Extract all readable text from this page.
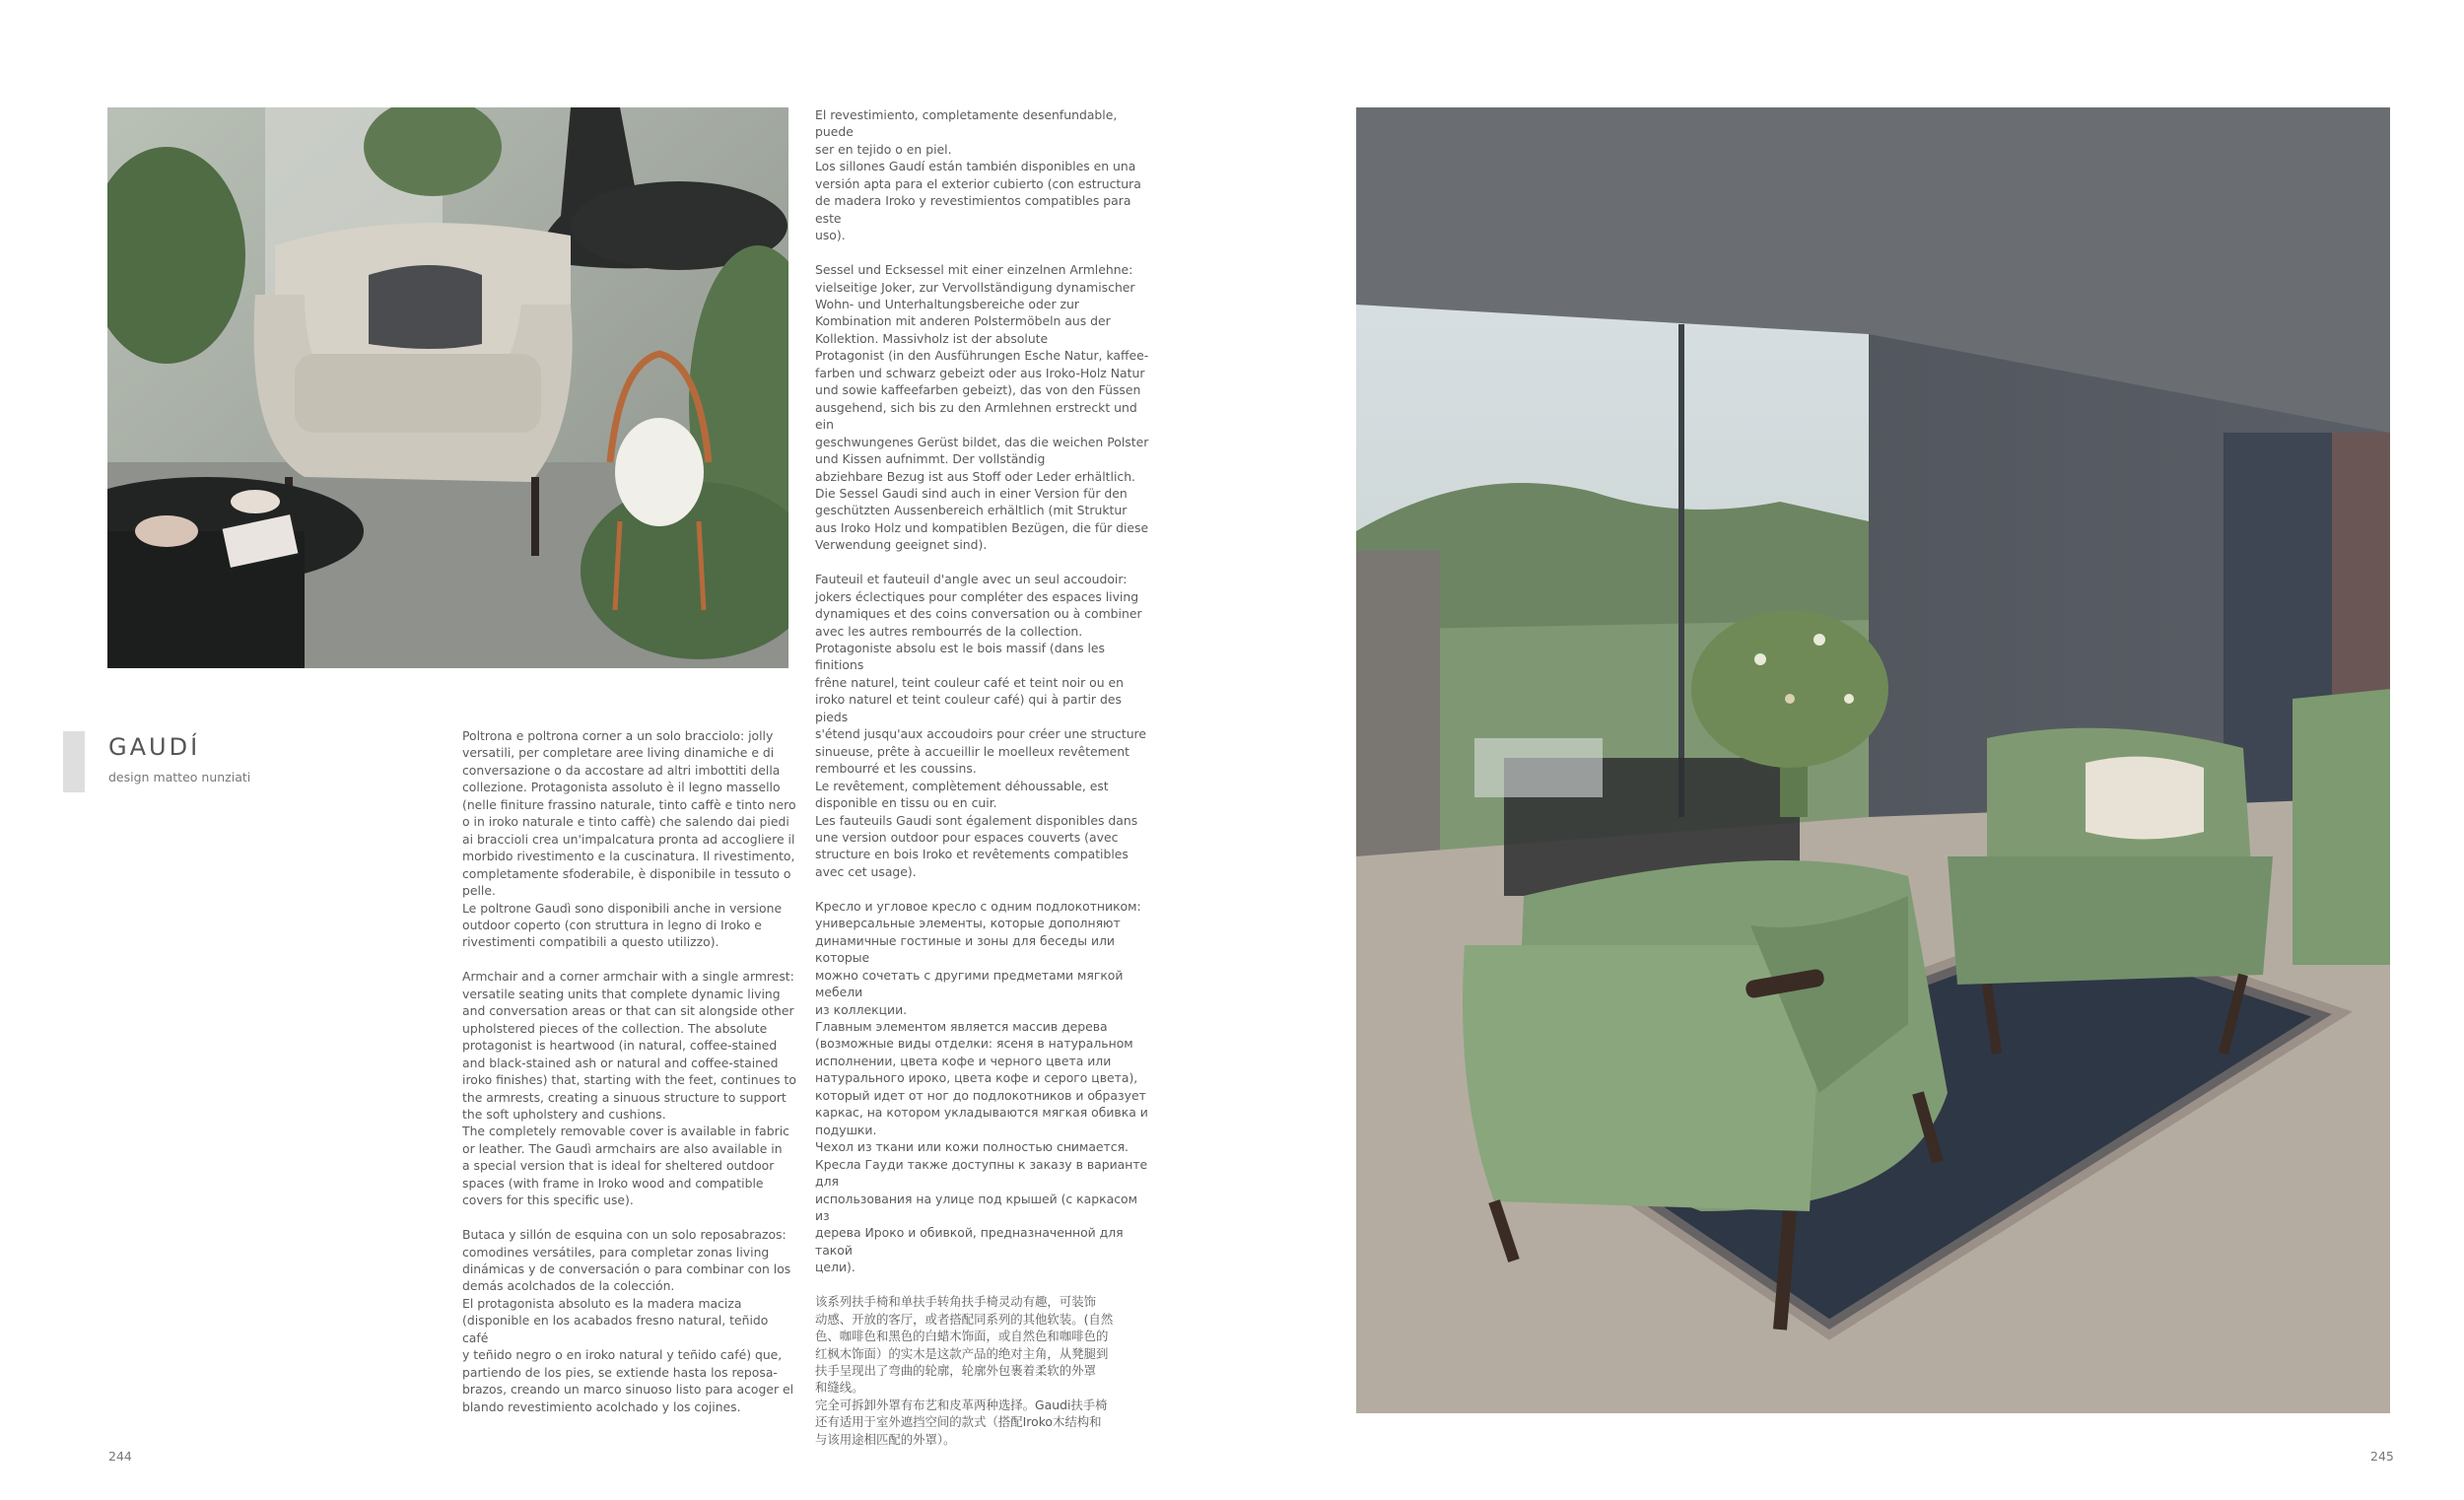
GAUDÍ
design matteo nunziati

Poltrona e poltrona corner a un solo bracciolo: jolly
versatili, per completare aree living dinamiche e di
conversazione o da accostare ad altri imbottiti della
collezione. Protagonista assoluto è il legno massello
(nelle finiture frassino naturale, tinto caffè e tinto nero
o in iroko naturale e tinto caffè) che salendo dai piedi
ai braccioli crea un'impalcatura pronta ad accogliere il
morbido rivestimento e la cuscinatura. Il rivestimento,
completamente sfoderabile, è disponibile in tessuto o
pelle.
Le poltrone Gaudì sono disponibili anche in versione
outdoor coperto (con struttura in legno di Iroko e
rivestimenti compatibili a questo utilizzo).

Armchair and a corner armchair with a single armrest:
versatile seating units that complete dynamic living
and conversation areas or that can sit alongside other
upholstered pieces of the collection. The absolute
protagonist is heartwood (in natural, coffee-stained
and black-stained ash or natural and coffee-stained
iroko finishes) that, starting with the feet, continues to
the armrests, creating a sinuous structure to support
the soft upholstery and cushions.
The completely removable cover is available in fabric
or leather. The Gaudì armchairs are also available in
a special version that is ideal for sheltered outdoor
spaces (with frame in Iroko wood and compatible
covers for this specific use).

Butaca y sillón de esquina con un solo reposabrazos:
comodines versátiles, para completar zonas living
dinámicas y de conversación o para combinar con los
demás acolchados de la colección.
El protagonista absoluto es la madera maciza
(disponible en los acabados fresno natural, teñido café
y teñido negro o en iroko natural y teñido café) que,
partiendo de los pies, se extiende hasta los reposa-
brazos, creando un marco sinuoso listo para acoger el
blando revestimiento acolchado y los cojines.

El revestimiento, completamente desenfundable, puede
ser en tejido o en piel.
Los sillones Gaudí están también disponibles en una
versión apta para el exterior cubierto (con estructura
de madera Iroko y revestimientos compatibles para este
uso).

Sessel und Ecksessel mit einer einzelnen Armlehne:
vielseitige Joker, zur Vervollständigung dynamischer
Wohn- und Unterhaltungsbereiche oder zur
Kombination mit anderen Polstermöbeln aus der
Kollektion. Massivholz ist der absolute
Protagonist (in den Ausführungen Esche Natur, kaffee-
farben und schwarz gebeizt oder aus Iroko-Holz Natur
und sowie kaffeefarben gebeizt), das von den Füssen
ausgehend, sich bis zu den Armlehnen erstreckt und ein
geschwungenes Gerüst bildet, das die weichen Polster
und Kissen aufnimmt. Der vollständig
abziehbare Bezug ist aus Stoff oder Leder erhältlich.
Die Sessel Gaudi sind auch in einer Version für den
geschützten Aussenbereich erhältlich (mit Struktur
aus Iroko Holz und kompatiblen Bezügen, die für diese
Verwendung geeignet sind).

Fauteuil et fauteuil d'angle avec un seul accoudoir:
jokers éclectiques pour compléter des espaces living
dynamiques et des coins conversation ou à combiner
avec les autres rembourrés de la collection.
Protagoniste absolu est le bois massif (dans les finitions
frêne naturel, teint couleur café et teint noir ou en
iroko naturel et teint couleur café) qui à partir des pieds
s'étend jusqu'aux accoudoirs pour créer une structure
sinueuse, prête à accueillir le moelleux revêtement
rembourré et les coussins.
Le revêtement, complètement déhoussable, est
disponible en tissu ou en cuir.
Les fauteuils Gaudi sont également disponibles dans
une version outdoor pour espaces couverts (avec
structure en bois Iroko et revêtements compatibles
avec cet usage).

Кресло и угловое кресло с одним подлокотником:
универсальные элементы, которые дополняют
динамичные гостиные и зоны для беседы или которые
можно сочетать с другими предметами мягкой мебели
из коллекции.
Главным элементом является массив дерева
(возможные виды отделки: ясеня в натуральном
исполнении, цвета кофе и черного цвета или
натурального ироко, цвета кофе и серого цвета),
который идет от ног до подлокотников и образует
каркас, на котором укладываются мягкая обивка и
подушки.
Чехол из ткани или кожи полностью снимается.
Кресла Гауди также доступны к заказу в варианте для
использования на улице под крышей (с каркасом из
дерева Ироко и обивкой, предназначенной для такой
цели).

该系列扶手椅和单扶手转角扶手椅灵动有趣，可装饰
动感、开放的客厅，或者搭配同系列的其他软装。(自然
色、咖啡色和黑色的白蜡木饰面，或自然色和咖啡色的
红枫木饰面）的实木是这款产品的绝对主角，从凳腿到
扶手呈现出了弯曲的轮廓，轮廓外包裹着柔软的外罩
和缝线。
完全可拆卸外罩有布艺和皮革两种选择。Gaudi扶手椅
还有适用于室外遮挡空间的款式（搭配Iroko木结构和
与该用途相匹配的外罩）。

244	245
